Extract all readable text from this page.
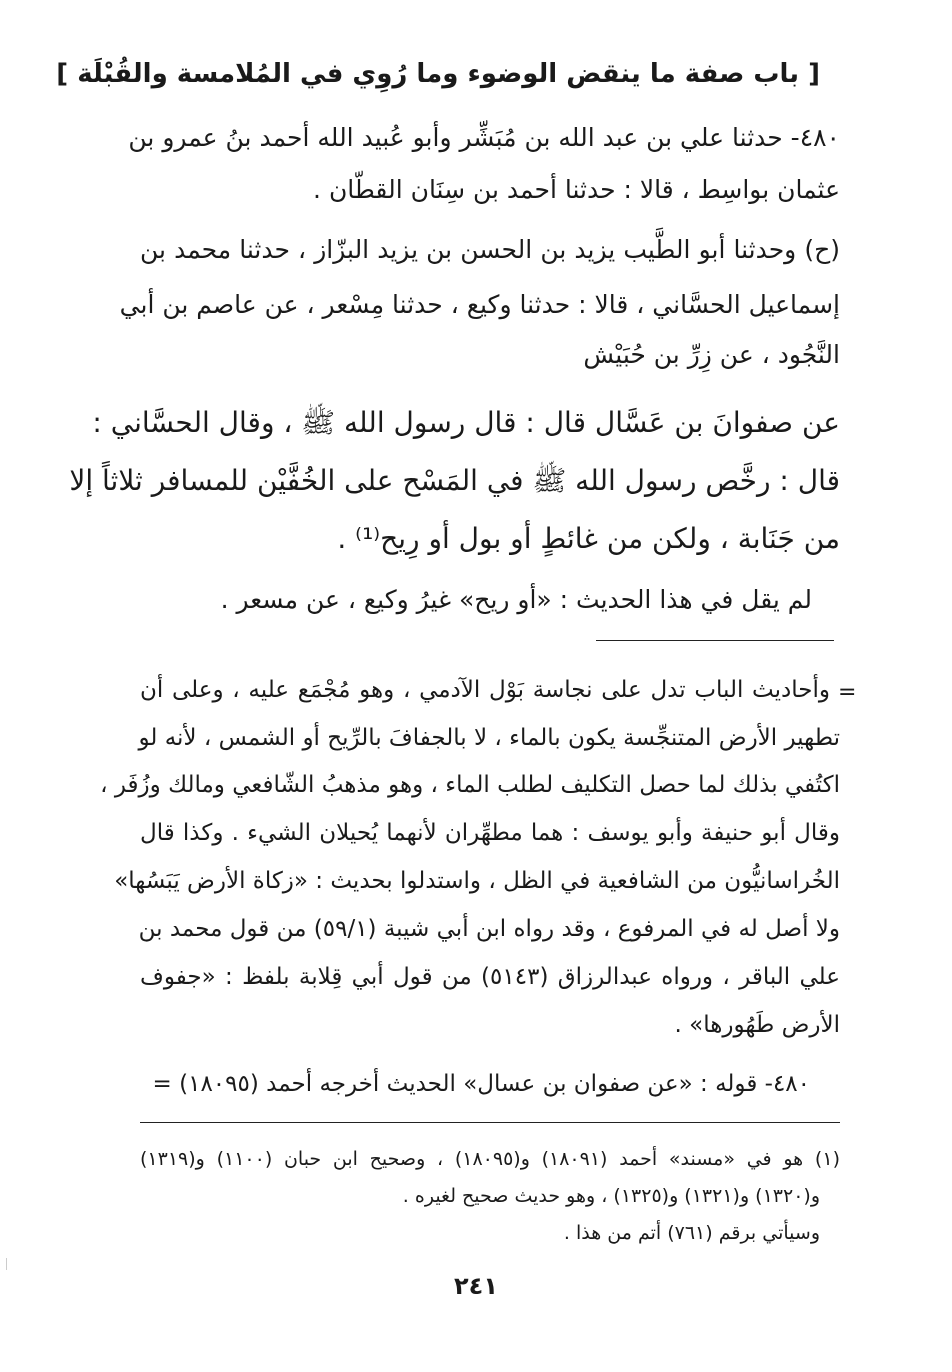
[ باب صفة ما ينقض الوضوء وما رُوِي في المُلامسة والقُبْلَة ]
٤٨٠- حدثنا علي بن عبد الله بن مُبَشِّر وأبو عُبيد الله أحمد بنُ عمرو بن
عثمان بواسِط ، قالا : حدثنا أحمد بن سِنَان القطّان .
(ح) وحدثنا أبو الطَّيب يزيد بن الحسن بن يزيد البزّاز ، حدثنا محمد بن
إسماعيل الحسَّاني ، قالا : حدثنا وكيع ، حدثنا مِسْعر ، عن عاصم بن أبي
النَّجُود ، عن زِرِّ بن حُبَيْش
عن صفوانَ بن عَسَّال قال : قال رسول الله ﷺ ، وقال الحسَّاني :
قال : رخَّص رسول الله ﷺ في المَسْح على الخُفَّيْن للمسافر ثلاثاً إلا
من جَنَابة ، ولكن من غائطٍ أو بول أو رِيح⁽¹⁾ .
لم يقل في هذا الحديث : «أو ريح» غيرُ وكيع ، عن مسعر .
=
وأحاديث الباب تدل على نجاسة بَوْل الآدمي ، وهو مُجْمَع عليه ، وعلى أن
تطهير الأرض المتنجِّسة يكون بالماء ، لا بالجفافَ بالرِّيح أو الشمس ، لأنه لو
اكتُفي بذلك لما حصل التكليف لطلب الماء ، وهو مذهبُ الشّافعي ومالك وزُفَر ،
وقال أبو حنيفة وأبو يوسف : هما مطهِّران لأنهما يُحيلان الشيء . وكذا قال
الخُراسانيُّون من الشافعية في الظل ، واستدلوا بحديث : «زكاة الأرض يَبَسُها»
ولا أصل له في المرفوع ، وقد رواه ابن أبي شيبة (٥٩/١) من قول محمد بن
علي الباقر ، ورواه عبدالرزاق (٥١٤٣) من قول أبي قِلابة بلفظ : «جفوف
الأرض طَهُورها» .
٤٨٠- قوله : «عن صفوان بن عسال» الحديث أخرجه أحمد (١٨٠٩٥) =
(١) هو في «مسند» أحمد (١٨٠٩١) و(١٨٠٩٥) ، وصحيح ابن حبان (١١٠٠) و(١٣١٩)
و(١٣٢٠) و(١٣٢١) و(١٣٢٥) ، وهو حديث صحيح لغيره .
وسيأتي برقم (٧٦١) أتم من هذا .
٢٤١
